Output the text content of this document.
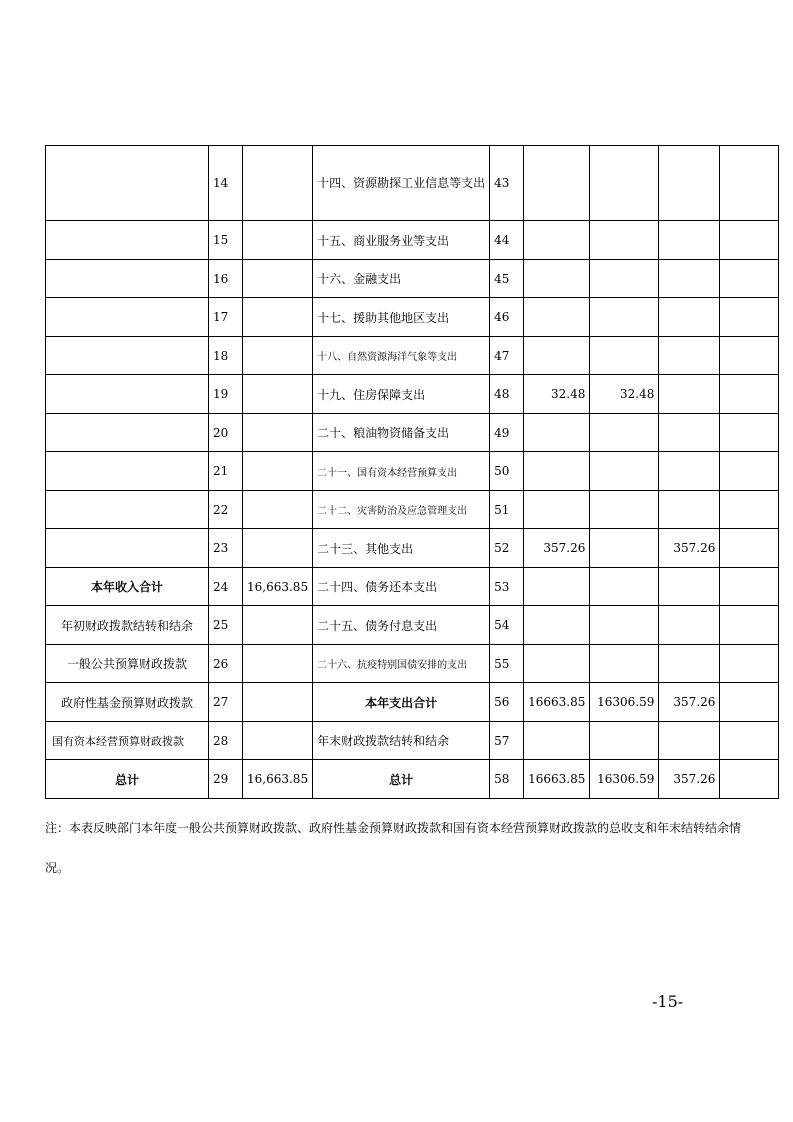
	14		十四、资源勘探工业信息等支出	43				
	15		十五、商业服务业等支出	44				
	16		十六、金融支出	45				
	17		十七、援助其他地区支出	46				
	18		十八、自然资源海洋气象等支出	47				
	19		十九、住房保障支出	48	32.48	32.48		
	20		二十、粮油物资储备支出	49				
	21		二十一、国有资本经营预算支出	50				
	22		二十二、灾害防治及应急管理支出	51				
	23		二十三、其他支出	52	357.26		357.26	
本年收入合计	24	16,663.85	二十四、债务还本支出	53				
年初财政拨款结转和结余	25		二十五、债务付息支出	54				
一般公共预算财政拨款	26		二十六、抗疫特别国债安排的支出	55				
政府性基金预算财政拨款	27		本年支出合计	56	16663.85	16306.59	357.26	
国有资本经营预算财政拨款	28		年末财政拨款结转和结余	57				
总计	29	16,663.85	总计	58	16663.85	16306.59	357.26	
注：本表反映部门本年度一般公共预算财政拨款、政府性基金预算财政拨款和国有资本经营预算财政拨款的总收支和年末结转结余情况。
-15-
